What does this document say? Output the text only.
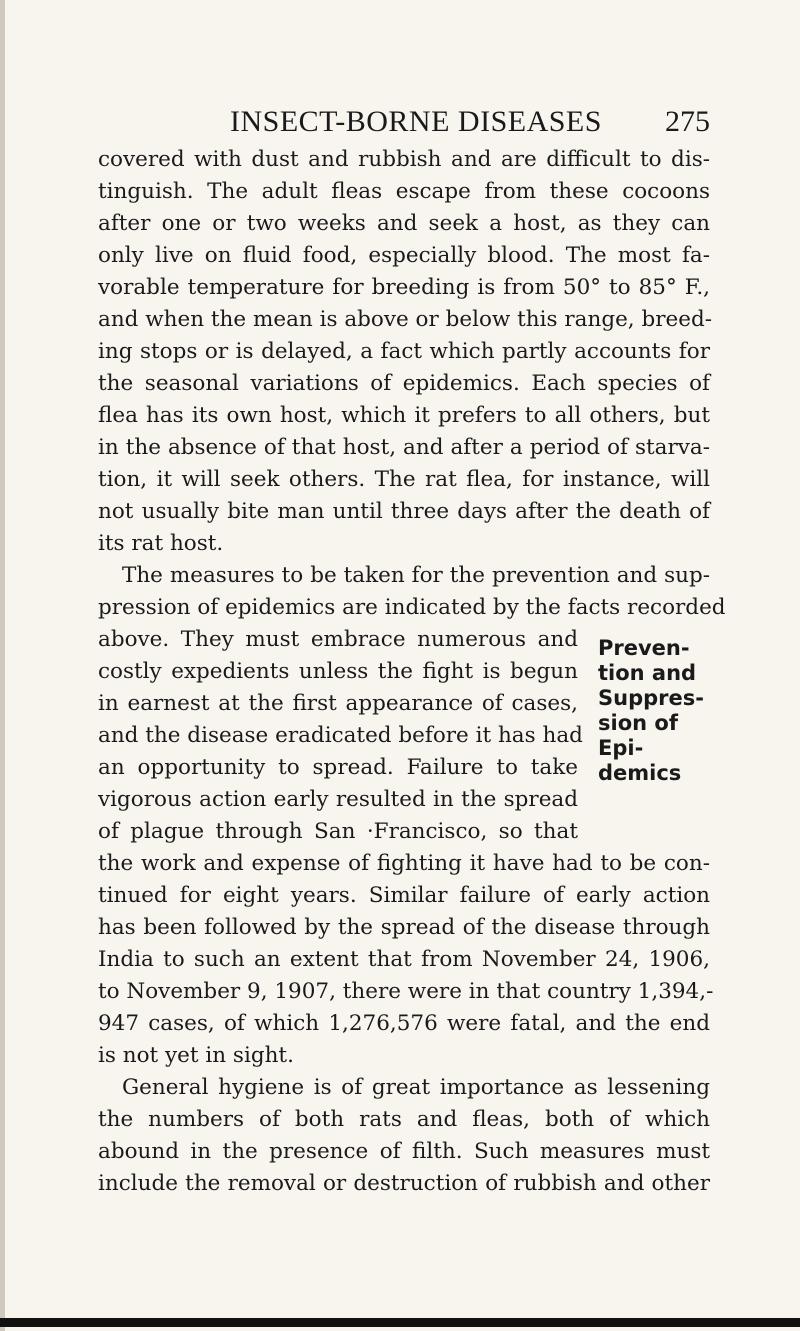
INSECT-BORNE DISEASES 275
covered with dust and rubbish and are difficult to dis-
tinguish. The adult fleas escape from these cocoons
after one or two weeks and seek a host, as they can
only live on fluid food, especially blood. The most fa-
vorable temperature for breeding is from 50° to 85° F.,
and when the mean is above or below this range, breed-
ing stops or is delayed, a fact which partly accounts for
the seasonal variations of epidemics. Each species of
flea has its own host, which it prefers to all others, but
in the absence of that host, and after a period of starva-
tion, it will seek others. The rat flea, for instance, will
not usually bite man until three days after the death of
its rat host.
The measures to be taken for the prevention and sup-
pression of epidemics are indicated by the facts recorded
above. They must embrace numerous and
costly expedients unless the fight is begun
in earnest at the first appearance of cases,
and the disease eradicated before it has had
an opportunity to spread. Failure to take
vigorous action early resulted in the spread
of plague through San ·Francisco, so that
the work and expense of fighting it have had to be con-
tinued for eight years. Similar failure of early action
has been followed by the spread of the disease through
India to such an extent that from November 24, 1906,
to November 9, 1907, there were in that country 1,394,-
947 cases, of which 1,276,576 were fatal, and the end
is not yet in sight.
General hygiene is of great importance as lessening
the numbers of both rats and fleas, both of which
abound in the presence of filth. Such measures must
include the removal or destruction of rubbish and other
Preven-
tion and
Suppres-
sion of
Epi-
demics
